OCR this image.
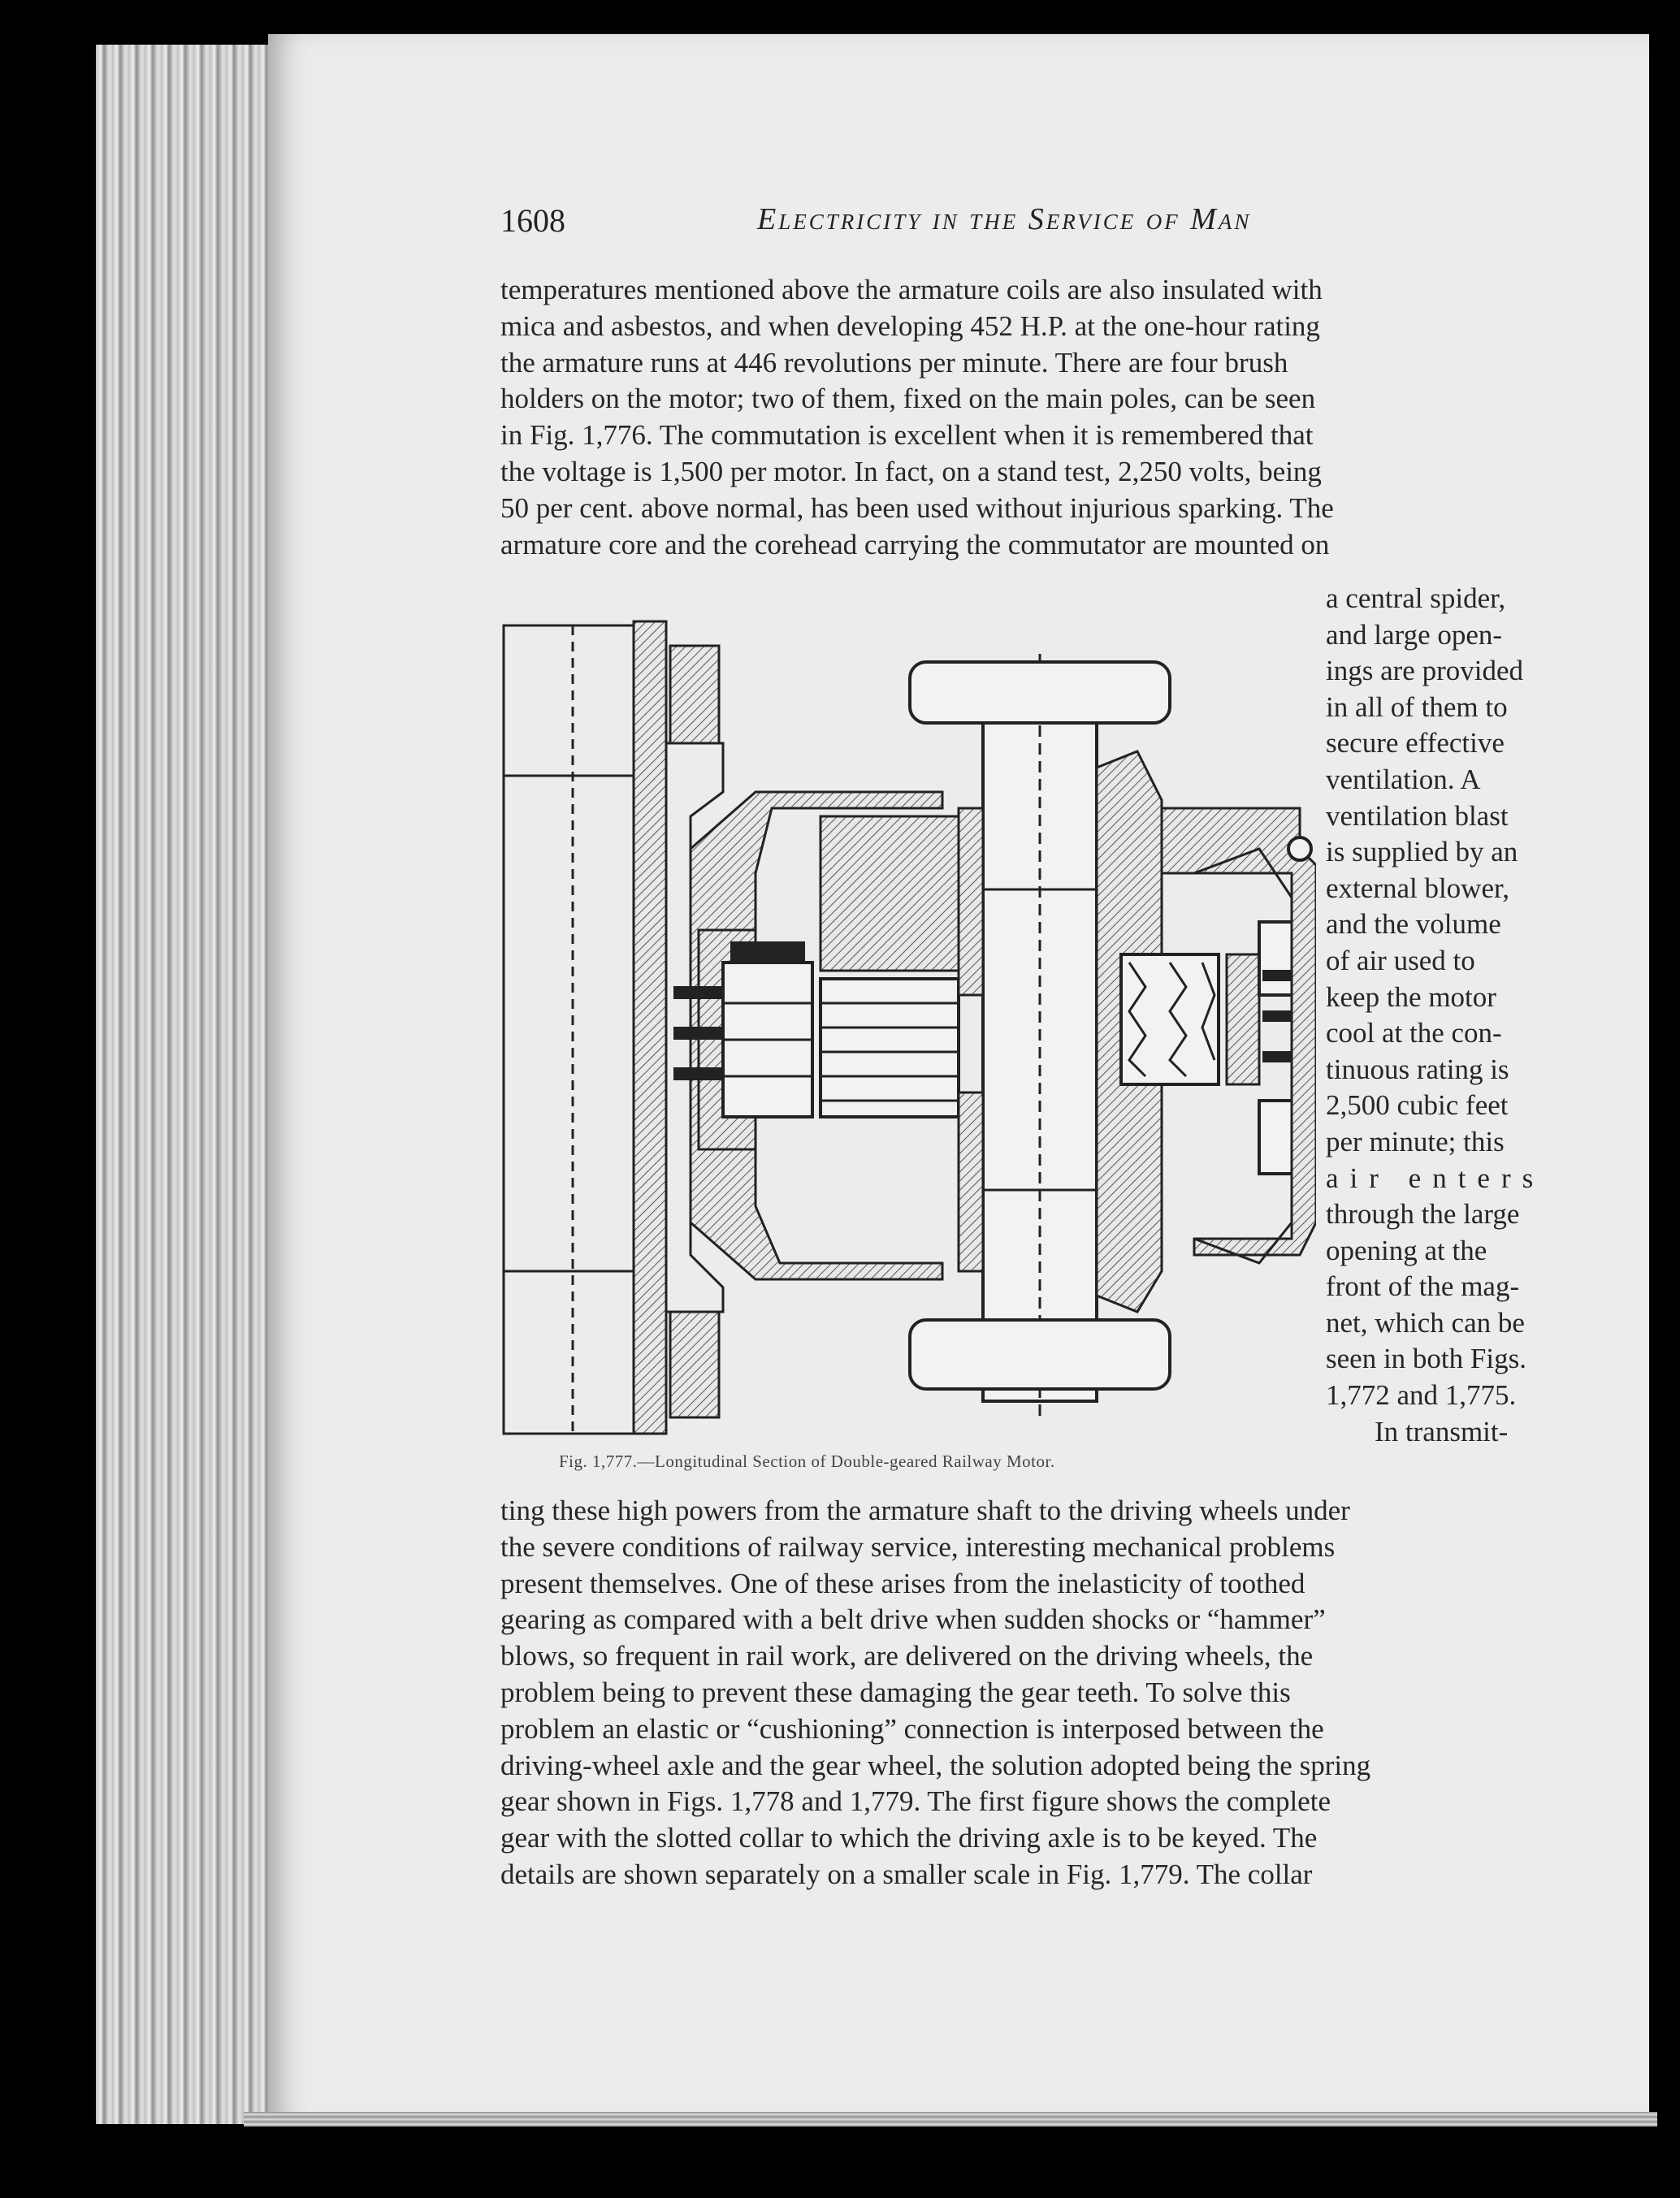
1608	Electricity in the Service of Man
temperatures mentioned above the armature coils are also insulated with
mica and asbestos, and when developing 452 H.P. at the one-hour rating
the armature runs at 446 revolutions per minute. There are four brush
holders on the motor; two of them, fixed on the main poles, can be seen
in Fig. 1,776. The commutation is excellent when it is remembered that
the voltage is 1,500 per motor. In fact, on a stand test, 2,250 volts, being
50 per cent. above normal, has been used without injurious sparking. The
armature core and the corehead carrying the commutator are mounted on
Fig. 1,777.—Longitudinal Section of Double-geared Railway Motor.
a central spider,
and large open-
ings are provided
in all of them to
secure effective
ventilation. A
ventilation blast
is supplied by an
external blower,
and the volume
of air used to
keep the motor
cool at the con-
tinuous rating is
2,500 cubic feet
per minute; this
air enters
through the large
opening at the
front of the mag-
net, which can be
seen in both Figs.
1,772 and 1,775.
In transmit-
ting these high powers from the armature shaft to the driving wheels under
the severe conditions of railway service, interesting mechanical problems
present themselves. One of these arises from the inelasticity of toothed
gearing as compared with a belt drive when sudden shocks or “hammer”
blows, so frequent in rail work, are delivered on the driving wheels, the
problem being to prevent these damaging the gear teeth. To solve this
problem an elastic or “cushioning” connection is interposed between the
driving-wheel axle and the gear wheel, the solution adopted being the spring
gear shown in Figs. 1,778 and 1,779. The first figure shows the complete
gear with the slotted collar to which the driving axle is to be keyed. The
details are shown separately on a smaller scale in Fig. 1,779. The collar
